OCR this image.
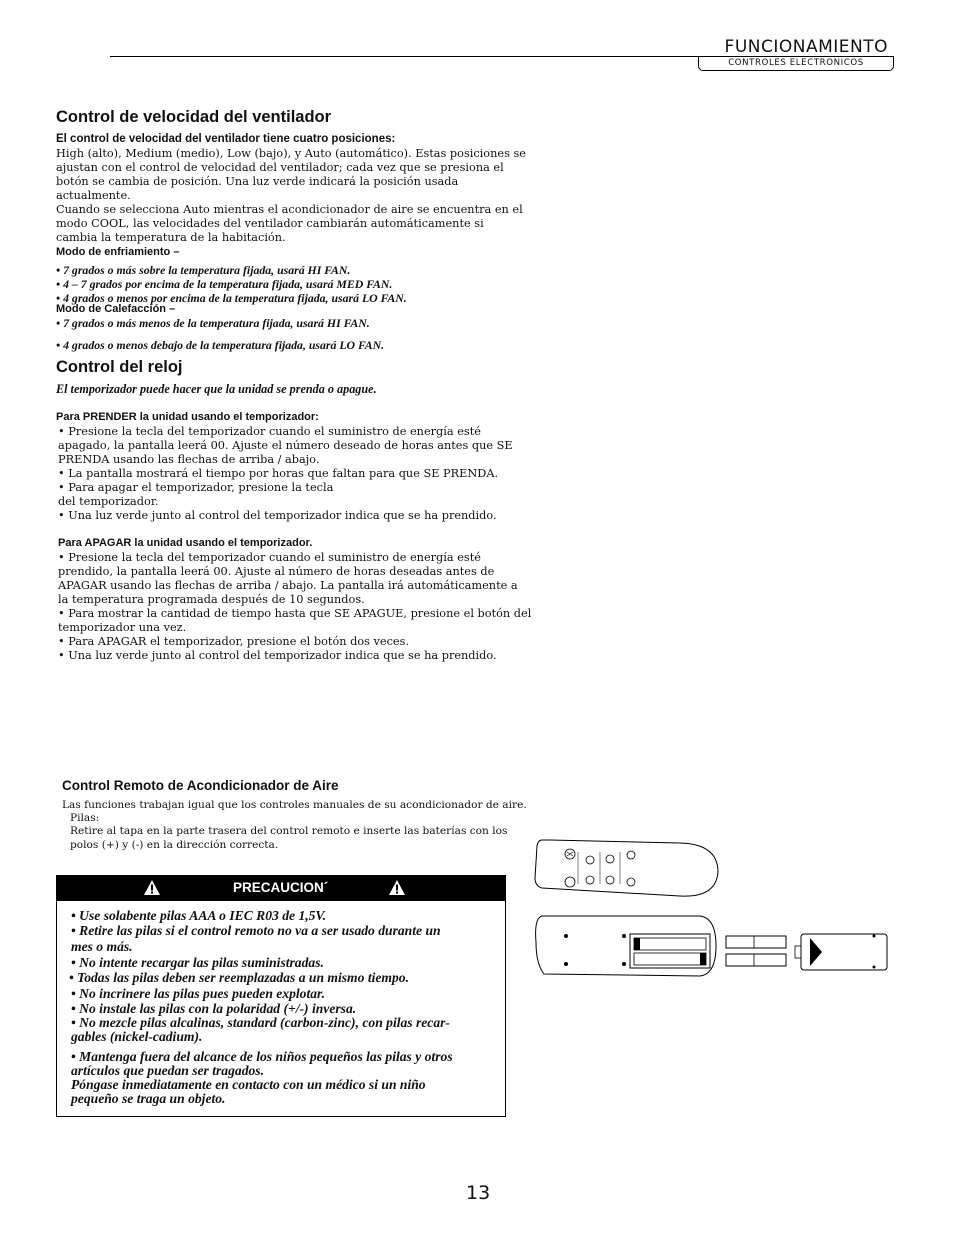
FUNCIONAMIENTO
CONTROLES ELECTRONICOS
Control de velocidad del ventilador
El control de velocidad del ventilador tiene cuatro posiciones:
High (alto), Medium (medio), Low (bajo), y Auto (automático). Estas posiciones se
ajustan con el control de velocidad del ventilador; cada vez que se presiona el
botón se cambia de posición. Una luz verde indicará la posición usada
actualmente.
Cuando se selecciona Auto mientras el acondicionador de aire se encuentra en el
modo COOL, las velocidades del ventilador cambiarán automáticamente si
cambia la temperatura de la habitación.
Modo de enfriamiento –
• 7 grados o más sobre la temperatura fijada, usará HI FAN.
• 4 – 7 grados por encima de la temperatura fijada, usará MED FAN.
• 4 grados o menos por encima de la temperatura fijada, usará LO FAN.
Modo de Calefacción –
• 7 grados o más menos de la temperatura fijada, usará HI FAN.
• 4 grados o menos debajo de la temperatura fijada, usará LO FAN.
Control del reloj
El temporizador puede hacer que la unidad se prenda o apague.
Para PRENDER la unidad usando el temporizador:
• Presione la tecla del temporizador cuando el suministro de energía esté
apagado, la pantalla leerá 00. Ajuste el número deseado de horas antes que SE
PRENDA usando las flechas de arriba / abajo.
• La pantalla mostrará el tiempo por horas que faltan para que SE PRENDA.
• Para apagar el temporizador, presione la tecla
del temporizador.
• Una luz verde junto al control del temporizador indica que se ha prendido.
Para APAGAR la unidad usando el temporizador.
• Presione la tecla del temporizador cuando el suministro de energía esté
prendido, la pantalla leerá 00. Ajuste al número de horas deseadas antes de
APAGAR usando las flechas de arriba / abajo. La pantalla irá automáticamente a
la temperatura programada después de 10 segundos.
• Para mostrar la cantidad de tiempo hasta que SE APAGUE, presione el botón del
temporizador una vez.
• Para APAGAR el temporizador, presione el botón dos veces.
• Una luz verde junto al control del temporizador indica que se ha prendido.
Control Remoto de Acondicionador de Aire
Las funciones trabajan igual que los controles manuales de su acondicionador de aire.
Pilas:
Retire al tapa en la parte trasera del control remoto e inserte las baterías con los
polos (+) y (-) en la dirección correcta.
PRECAUCION´
• Use solabente pilas AAA o IEC R03 de 1,5V.
• Retire las pilas si el control remoto no va a ser usado durante un
mes o más.
• No intente recargar las pilas suministradas.
• Todas las pilas deben ser reemplazadas a un mismo tiempo.
• No incrinere las pilas pues pueden explotar.
• No instale las pilas con la polaridad (+/-) inversa.
• No mezcle pilas alcalinas, standard (carbon-zinc), con pilas recar-
gables (nickel-cadium).
• Mantenga fuera del alcance de los niños pequeños las pilas y otros
artículos que puedan ser tragados.
Póngase inmediatamente en contacto con un médico si un niño
pequeño se traga un objeto.
13
